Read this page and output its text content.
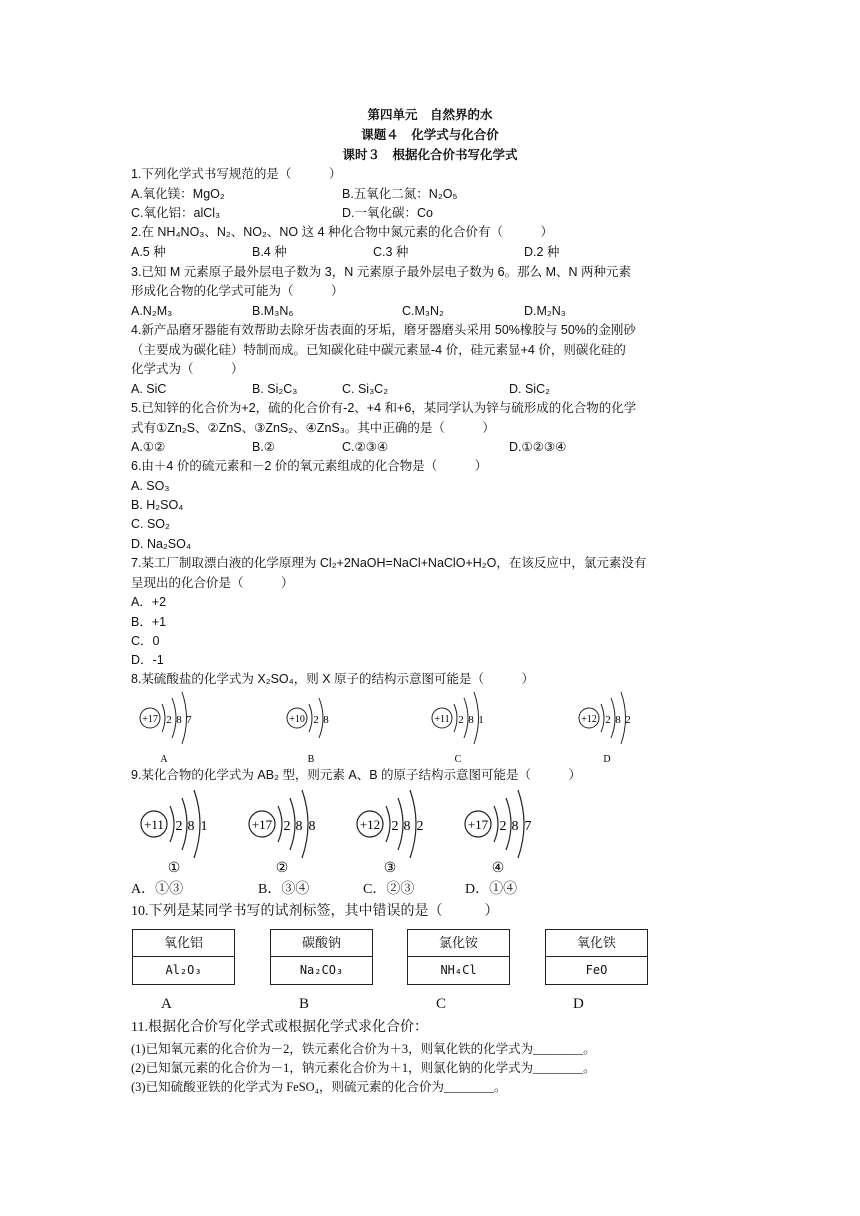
第四单元　自然界的水
课题４　化学式与化合价
课时３　根据化合价书写化学式
1.下列化学式书写规范的是（　　　）
A.氧化镁：MgO₂	B.五氧化二氮：N₂O₅
C.氧化铝：alCl₃	D.一氧化碳：Co
2.在 NH₄NO₃、N₂、NO₂、NO 这 4 种化合物中氮元素的化合价有（　　　）
A.5 种	B.4 种	C.3 种	D.2 种
3.已知 M 元素原子最外层电子数为 3，N 元素原子最外层电子数为 6。那么 M、N 两种元素
形成化合物的化学式可能为（　　　）
A.N₂M₃	B.M₃N₆	C.M₃N₂	D.M₂N₃
4.新产品磨牙器能有效帮助去除牙齿表面的牙垢，磨牙器磨头采用 50%橡胶与 50%的金刚砂
（主要成为碳化硅）特制而成。已知碳化硅中碳元素显-4 价，硅元素显+4 价，则碳化硅的
化学式为（　　　）
A. SiC	B. Si₂C₃	C. Si₃C₂	D. SiC₂
5.已知锌的化合价为+2，硫的化合价有-2、+4 和+6，某同学认为锌与硫形成的化合物的化学
式有①Zn₂S、②ZnS、③ZnS₂、④ZnS₃。其中正确的是（　　　）
A.①②	B.②	C.②③④	D.①②③④
6.由＋4 价的硫元素和－2 价的氧元素组成的化合物是（　　　）
A. SO₃
B. H₂SO₄
C. SO₂
D. Na₂SO₄
7.某工厂制取漂白液的化学原理为 Cl₂+2NaOH=NaCl+NaClO+H₂O，在该反应中，氯元素没有
呈现出的化合价是（　　　）
A．+2
B．+1
C．0
D．-1
8.某硫酸盐的化学式为 X₂SO₄，则 X 原子的结构示意图可能是（　　　）
+17 2 8 7
A
+10 2 8
B
+11 2 8 1
C
+12 2 8 2
D
9.某化合物的化学式为 AB₂ 型，则元素 A、B 的原子结构示意图可能是（　　　）
+11 2 8 1
①
+17 2 8 8
②
+12 2 8 2
③
+17 2 8 7
④
A．①③	B．③④	C．②③	D．①④
10.下列是某同学书写的试剂标签，其中错误的是（　　　）
氧化铝
Al₂O₃
A
碳酸钠
Na₂CO₃
B
氯化铵
NH₄Cl
C
氧化铁
FeO
D
11.根据化合价写化学式或根据化学式求化合价：
(1)已知氧元素的化合价为－2，铁元素化合价为＋3，则氧化铁的化学式为________。
(2)已知氯元素的化合价为－1，钠元素化合价为＋1，则氯化钠的化学式为________。
(3)已知硫酸亚铁的化学式为 FeSO₄，则硫元素的化合价为________。
